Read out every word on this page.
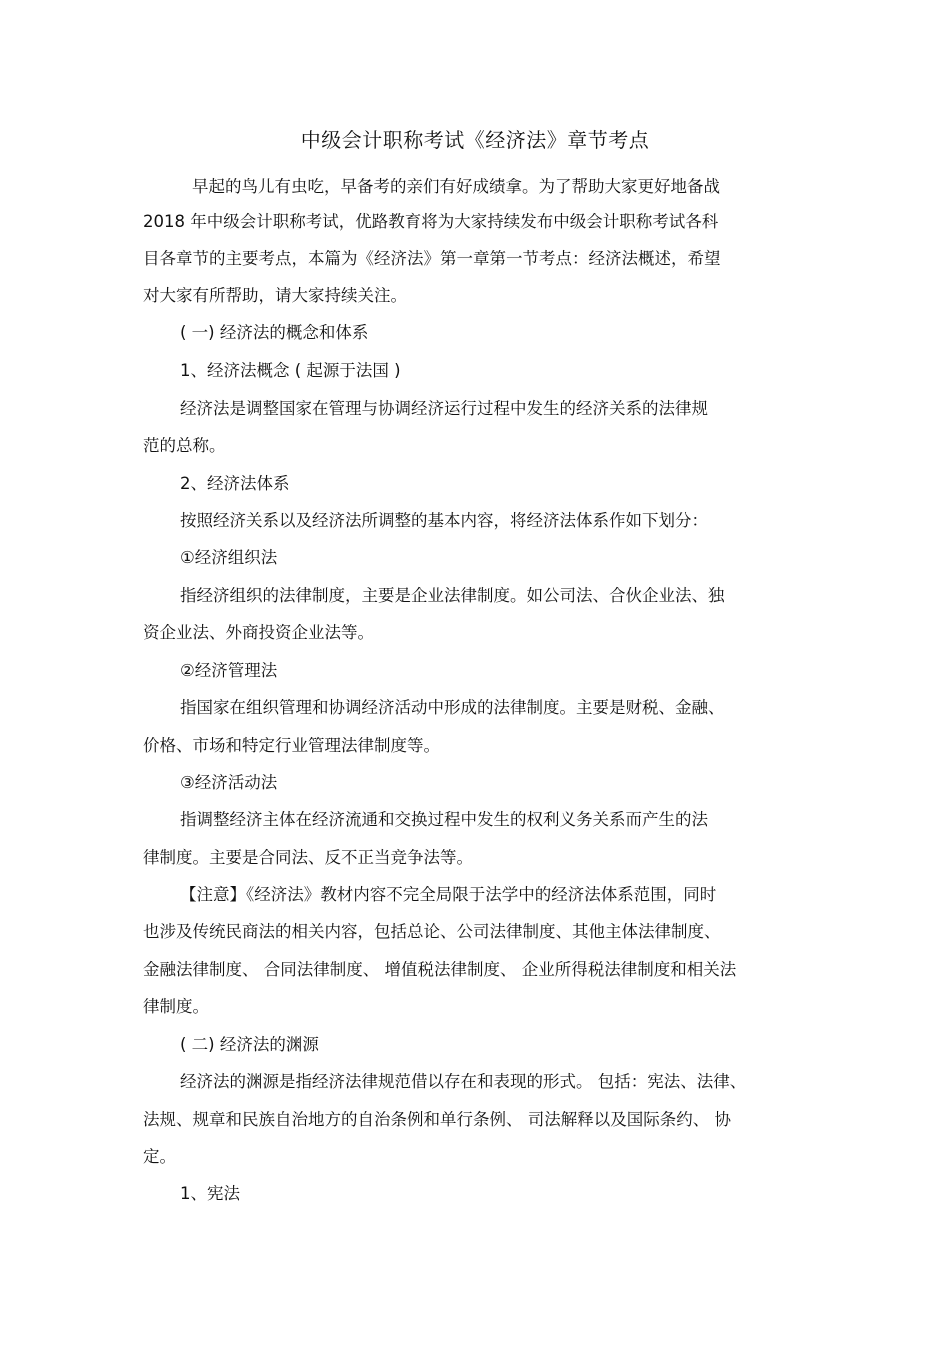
中级会计职称考试《经济法》章节考点
早起的鸟儿有虫吃，早备考的亲们有好成绩拿。为了帮助大家更好地备战
2018 年中级会计职称考试，优路教育将为大家持续发布中级会计职称考试各科
目各章节的主要考点，本篇为《经济法》第一章第一节考点：经济法概述，希望
对大家有所帮助，请大家持续关注。
( 一) 经济法的概念和体系
1、经济法概念 ( 起源于法国 )
经济法是调整国家在管理与协调经济运行过程中发生的经济关系的法律规
范的总称。
2、经济法体系
按照经济关系以及经济法所调整的基本内容，将经济法体系作如下划分：
①经济组织法
指经济组织的法律制度，主要是企业法律制度。如公司法、合伙企业法、独
资企业法、外商投资企业法等。
②经济管理法
指国家在组织管理和协调经济活动中形成的法律制度。主要是财税、金融、
价格、市场和特定行业管理法律制度等。
③经济活动法
指调整经济主体在经济流通和交换过程中发生的权利义务关系而产生的法
律制度。主要是合同法、反不正当竞争法等。
【注意】《经济法》教材内容不完全局限于法学中的经济法体系范围，同时
也涉及传统民商法的相关内容，包括总论、公司法律制度、其他主体法律制度、
金融法律制度、 合同法律制度、 增值税法律制度、 企业所得税法律制度和相关法
律制度。
( 二) 经济法的渊源
经济法的渊源是指经济法律规范借以存在和表现的形式。 包括：宪法、法律、
法规、规章和民族自治地方的自治条例和单行条例、 司法解释以及国际条约、 协
定。
1、宪法
